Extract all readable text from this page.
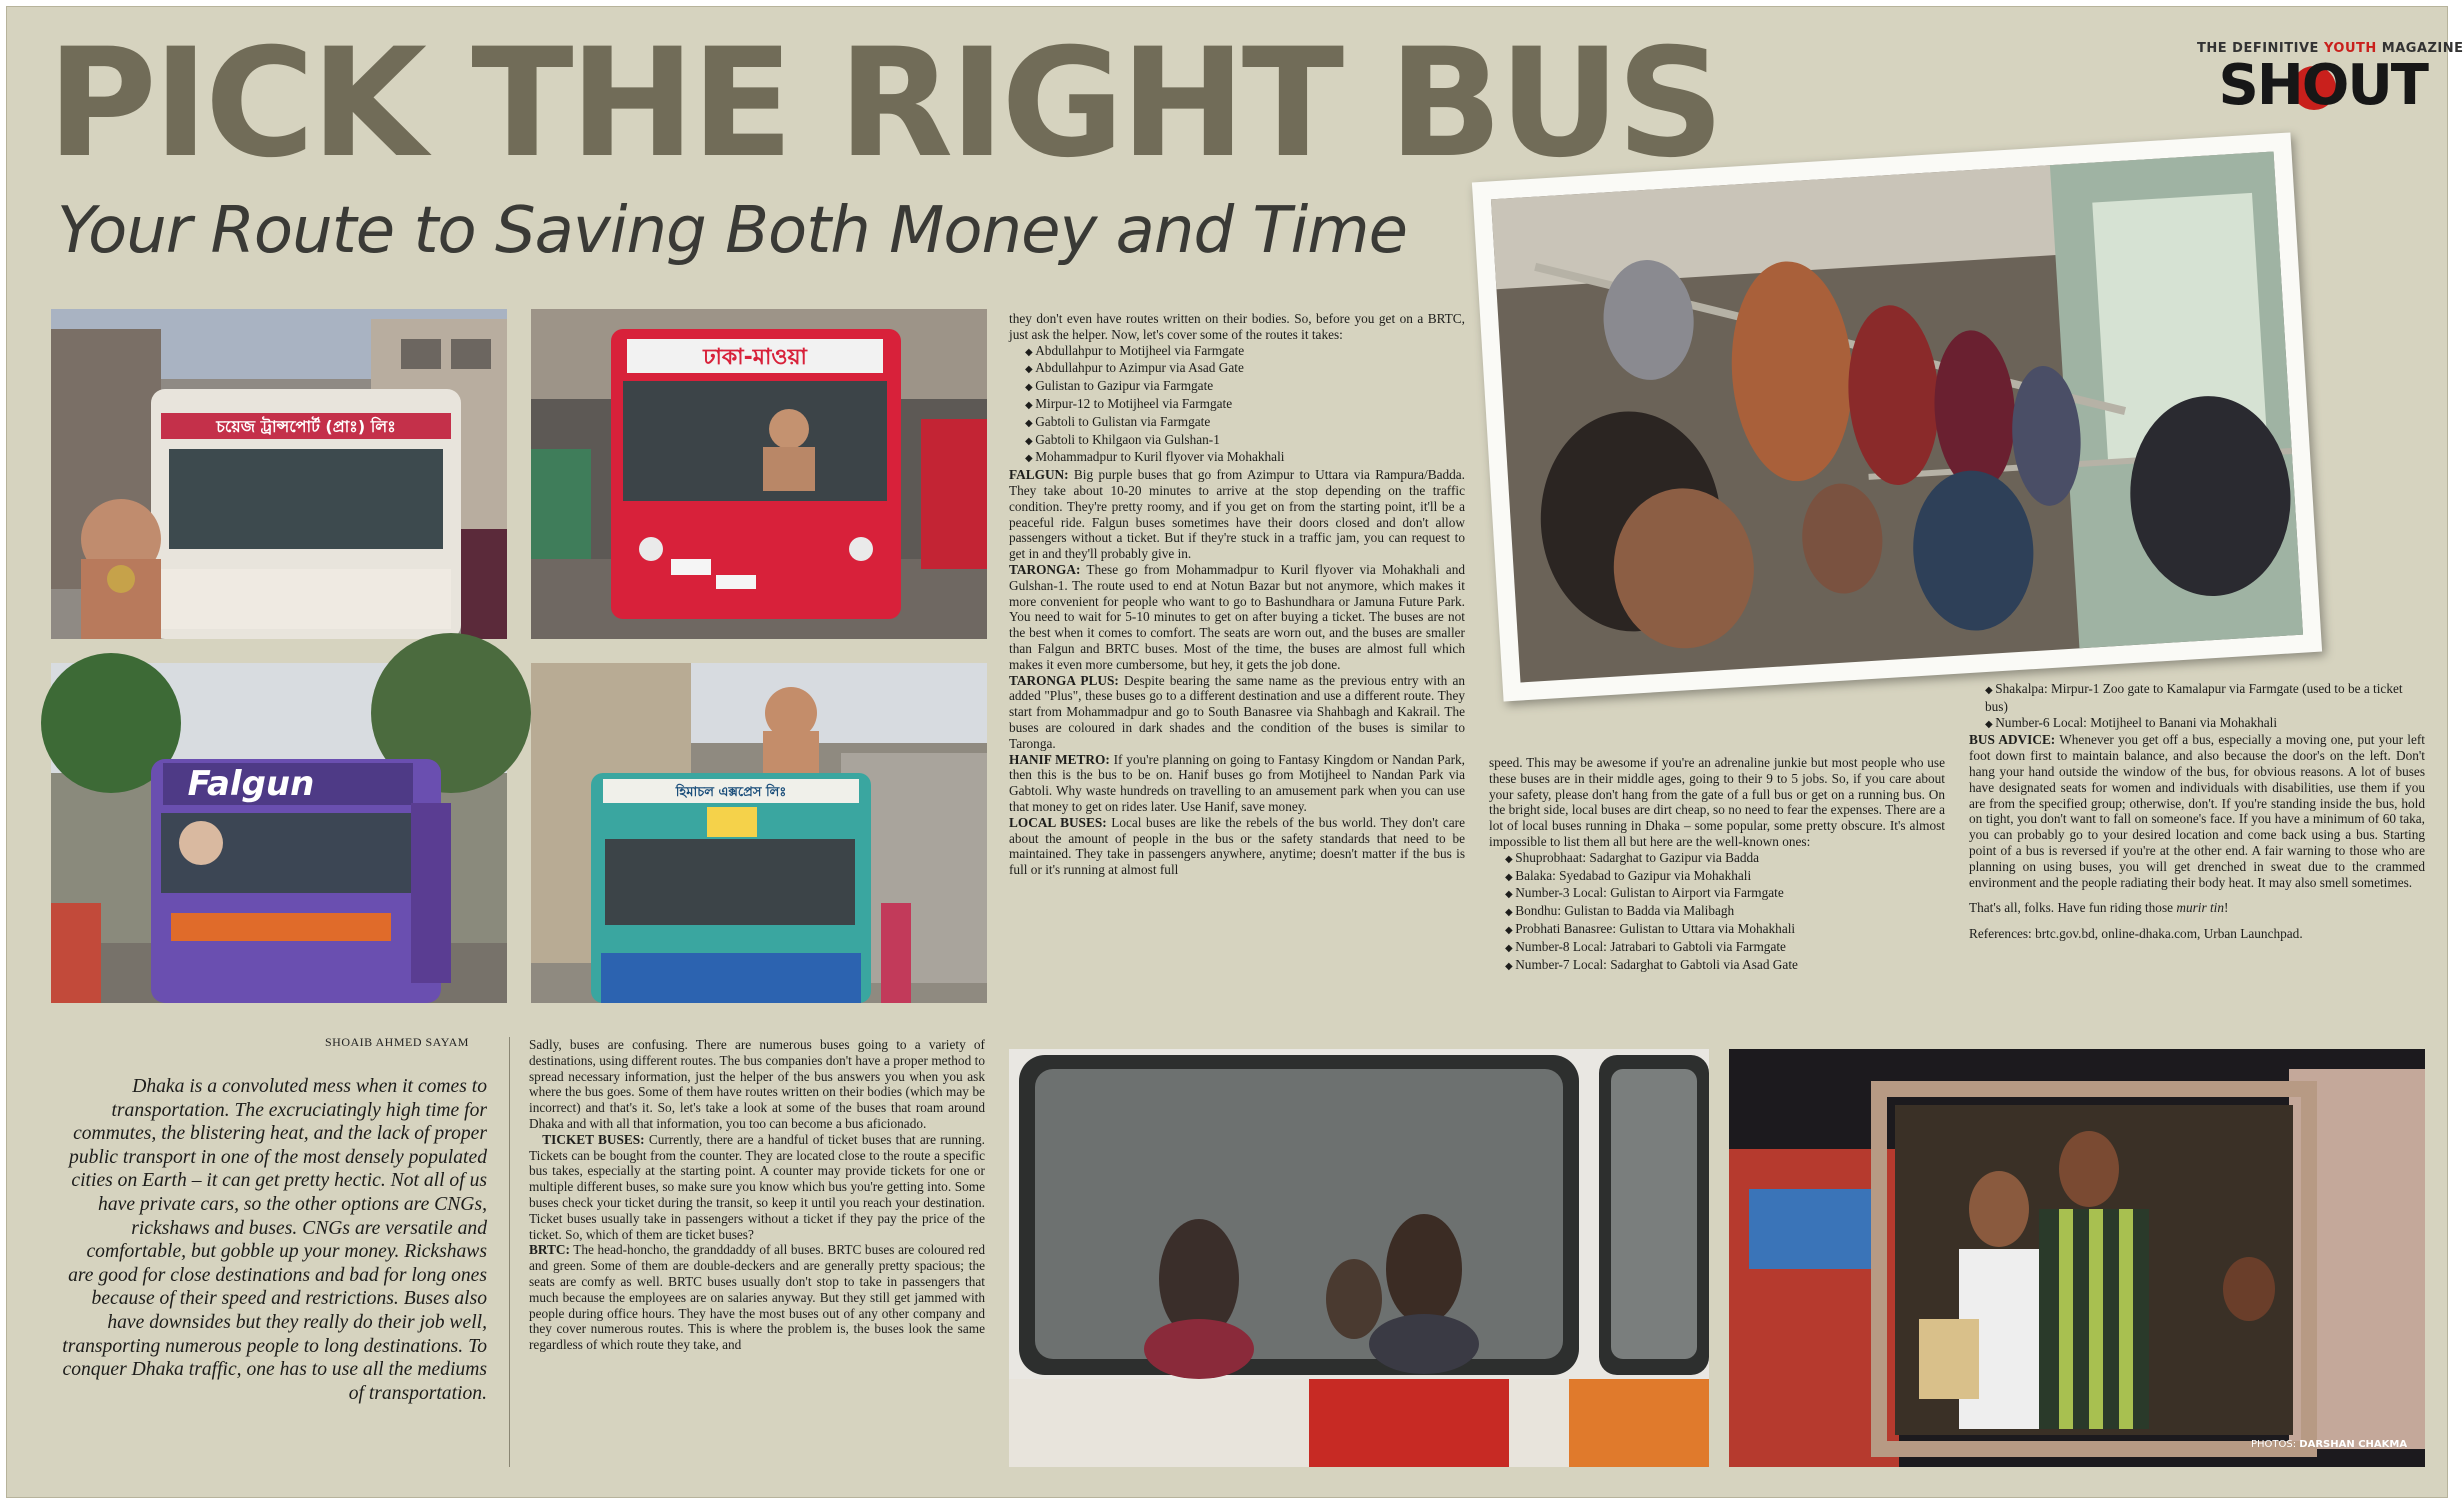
PICK THE RIGHT BUS
Your Route to Saving Both Money and Time
THE DEFINITIVE YOUTH MAGAZINE
SHOUT
চয়েজ ট্রান্সপোর্ট (প্রাঃ) লিঃ
ঢাকা-মাওয়া
Falgun	হিমাচল এক্সপ্রেস লিঃ
SHOAIB AHMED SAYAM
Dhaka is a convoluted mess when it comes to transportation. The excruciatingly high time for commutes, the blistering heat, and the lack of proper public transport in one of the most densely populated cities on Earth – it can get pretty hectic. Not all of us have private cars, so the other options are CNGs, rickshaws and buses. CNGs are versatile and comfortable, but gobble up your money. Rickshaws are good for close destinations and bad for long ones because of their speed and restrictions. Buses also have downsides but they really do their job well, transporting numerous people to long destinations. To conquer Dhaka traffic, one has to use all the mediums of transportation.

Sadly, buses are confusing. There are numerous buses going to a variety of destinations, using different routes. The bus companies don't have a proper method to spread necessary information, just the helper of the bus answers you when you ask where the bus goes. Some of them have routes written on their bodies (which may be incorrect) and that's it. So, let's take a look at some of the buses that roam around Dhaka and with all that information, you too can become a bus aficionado.

 TICKET BUSES: Currently, there are a handful of ticket buses that are running. Tickets can be bought from the counter. They are located close to the route a specific bus takes, especially at the starting point. A counter may provide tickets for one or multiple different buses, so make sure you know which bus you're getting into. Some buses check your ticket during the transit, so keep it until you reach your destination. Ticket buses usually take in passengers without a ticket if they pay the price of the ticket. So, which of them are ticket buses?

BRTC: The head-honcho, the granddaddy of all buses. BRTC buses are coloured red and green. Some of them are double-deckers and are generally pretty spacious; the seats are comfy as well. BRTC buses usually don't stop to take in passengers that much because the employees are on salaries anyway. But they still get jammed with people during office hours. They have the most buses out of any other company and they cover numerous routes. This is where the problem is, the buses look the same regardless of which route they take, and

they don't even have routes written on their bodies. So, before you get on a BRTC, just ask the helper. Now, let's cover some of the routes it takes:

◆ Abdullahpur to Motijheel via Farmgate
◆ Abdullahpur to Azimpur via Asad Gate
◆ Gulistan to Gazipur via Farmgate
◆ Mirpur-12 to Motijheel via Farmgate
◆ Gabtoli to Gulistan via Farmgate
◆ Gabtoli to Khilgaon via Gulshan-1
◆ Mohammadpur to Kuril flyover via Mohakhali

FALGUN: Big purple buses that go from Azimpur to Uttara via Rampura/Badda. They take about 10-20 minutes to arrive at the stop depending on the traffic condition. They're pretty roomy, and if you get on from the starting point, it'll be a peaceful ride. Falgun buses sometimes have their doors closed and don't allow passengers without a ticket. But if they're stuck in a traffic jam, you can request to get in and they'll probably give in.

TARONGA: These go from Mohammadpur to Kuril flyover via Mohakhali and Gulshan-1. The route used to end at Notun Bazar but not anymore, which makes it more convenient for people who want to go to Bashundhara or Jamuna Future Park. You need to wait for 5-10 minutes to get on after buying a ticket. The buses are not the best when it comes to comfort. The seats are worn out, and the buses are smaller than Falgun and BRTC buses. Most of the time, the buses are almost full which makes it even more cumbersome, but hey, it gets the job done.

TARONGA PLUS: Despite bearing the same name as the previous entry with an added "Plus", these buses go to a different destination and use a different route. They start from Mohammadpur and go to South Banasree via Shahbagh and Kakrail. The buses are coloured in dark shades and the condition of the buses is similar to Taronga.

HANIF METRO: If you're planning on going to Fantasy Kingdom or Nandan Park, then this is the bus to be on. Hanif buses go from Motijheel to Nandan Park via Gabtoli. Why waste hundreds on travelling to an amusement park when you can use that money to get on rides later. Use Hanif, save money.

LOCAL BUSES: Local buses are like the rebels of the bus world. They don't care about the amount of people in the bus or the safety standards that need to be maintained. They take in passengers anywhere, anytime; doesn't matter if the bus is full or it's running at almost full

speed. This may be awesome if you're an adrenaline junkie but most people who use these buses are in their middle ages, going to their 9 to 5 jobs. So, if you care about your safety, please don't hang from the gate of a full bus or get on a running bus. On the bright side, local buses are dirt cheap, so no need to fear the expenses. There are a lot of local buses running in Dhaka – some popular, some pretty obscure. It's almost impossible to list them all but here are the well-known ones:

◆ Shuprobhaat: Sadarghat to Gazipur via Badda
◆ Balaka: Syedabad to Gazipur via Mohakhali
◆ Number-3 Local: Gulistan to Airport via Farmgate
◆ Bondhu: Gulistan to Badda via Malibagh
◆ Probhati Banasree: Gulistan to Uttara via Mohakhali
◆ Number-8 Local: Jatrabari to Gabtoli via Farmgate
◆ Number-7 Local: Sadarghat to Gabtoli via Asad Gate
◆ Shakalpa: Mirpur-1 Zoo gate to Kamalapur via Farmgate (used to be a ticket bus)
◆ Number-6 Local: Motijheel to Banani via Mohakhali

BUS ADVICE: Whenever you get off a bus, especially a moving one, put your left foot down first to maintain balance, and also because the door's on the left. Don't hang your hand outside the window of the bus, for obvious reasons. A lot of buses have designated seats for women and individuals with disabilities, use them if you are from the specified group; otherwise, don't. If you're standing inside the bus, hold on tight, you don't want to fall on someone's face. If you have a minimum of 60 taka, you can probably go to your desired location and come back using a bus. Starting point of a bus is reversed if you're at the other end. A fair warning to those who are planning on using buses, you will get drenched in sweat due to the crammed environment and the people radiating their body heat. It may also smell sometimes.

That's all, folks. Have fun riding those murir tin!

References: brtc.gov.bd, online-dhaka.com, Urban Launchpad.

PHOTOS: DARSHAN CHAKMA
